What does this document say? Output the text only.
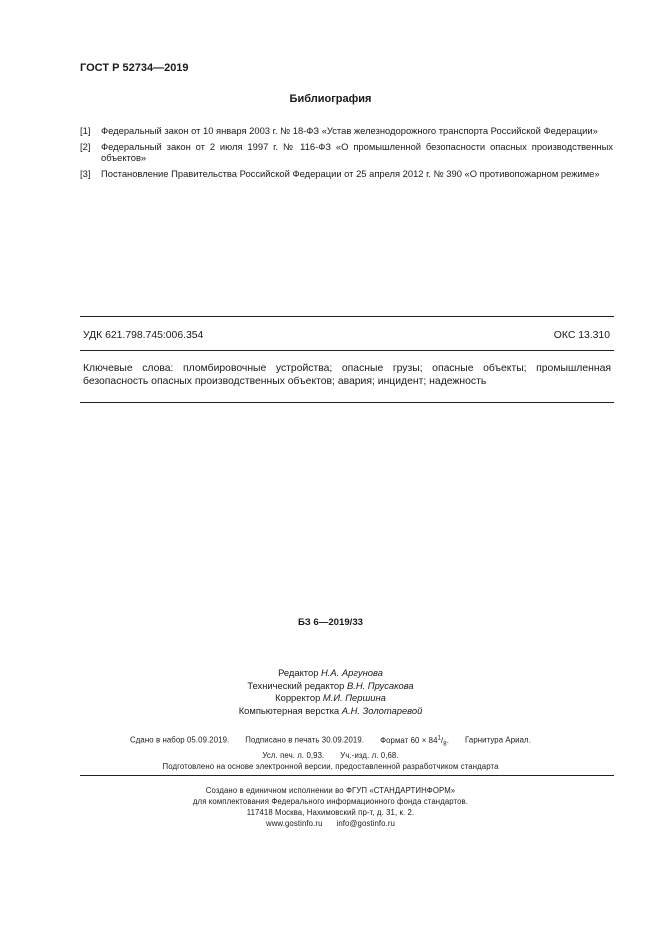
ГОСТ Р 52734—2019
Библиография
[1]	Федеральный закон от 10 января 2003 г. № 18-ФЗ «Устав железнодорожного транспорта Российской Федерации»
[2]	Федеральный закон от 2 июля 1997 г. № 116-ФЗ «О промышленной безопасности опасных производственных объектов»
[3]	Постановление Правительства Российской Федерации от 25 апреля 2012 г. № 390 «О противопожарном режиме»
УДК 621.798.745:006.354	ОКС 13.310
Ключевые слова: пломбировочные устройства; опасные грузы; опасные объекты; промышленная безопасность опасных производственных объектов; авария; инцидент; надежность
БЗ 6—2019/33
Редактор Н.А. Аргунова
Технический редактор В.Н. Прусакова
Корректор М.И. Першина
Компьютерная верстка А.Н. Золотаревой
Сдано в набор 05.09.2019. Подписано в печать 30.09.2019. Формат $60 \times 84^1/_8$. Гарнитура Ариал.
Усл. печ. л. 0,93. Уч.-изд. л. 0,68.
Подготовлено на основе электронной версии, предоставленной разработчиком стандарта
Создано в единичном исполнении во ФГУП «СТАНДАРТИНФОРМ»
для комплектования Федерального информационного фонда стандартов.
117418 Москва, Нахимовский пр-т, д. 31, к. 2.
www.gostinfo.ru info@gostinfo.ru
